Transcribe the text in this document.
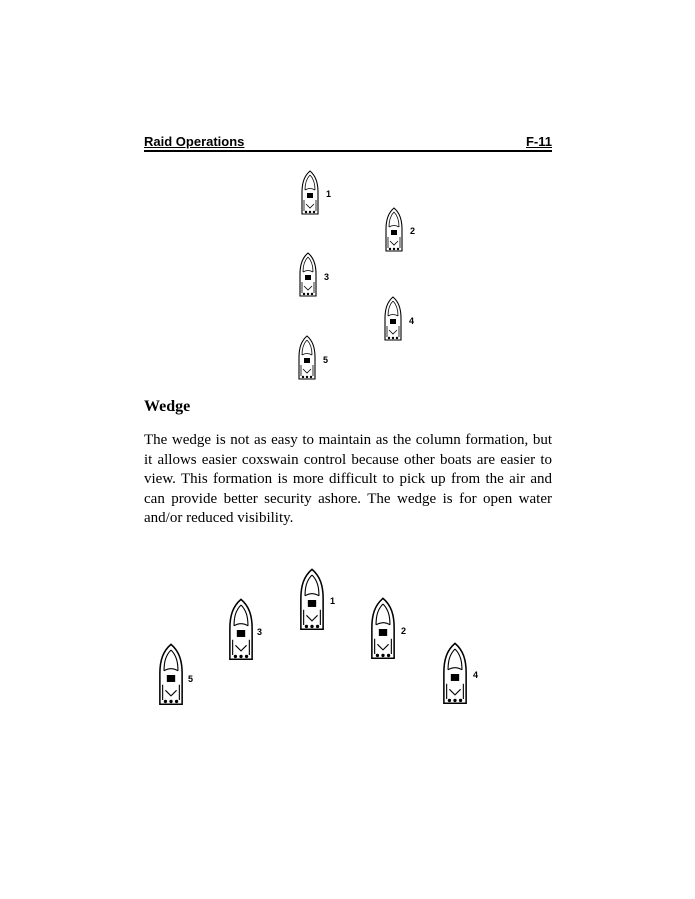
Raid Operations	F-11
1
2
3
4
5
Wedge

The wedge is not as easy to maintain as the column formation, but it allows easier coxswain control because other boats are easier to view. This formation is more difficult to pick up from the air and can provide better security ashore. The wedge is for open water and/or reduced visibility.

1
2
3
4
5
